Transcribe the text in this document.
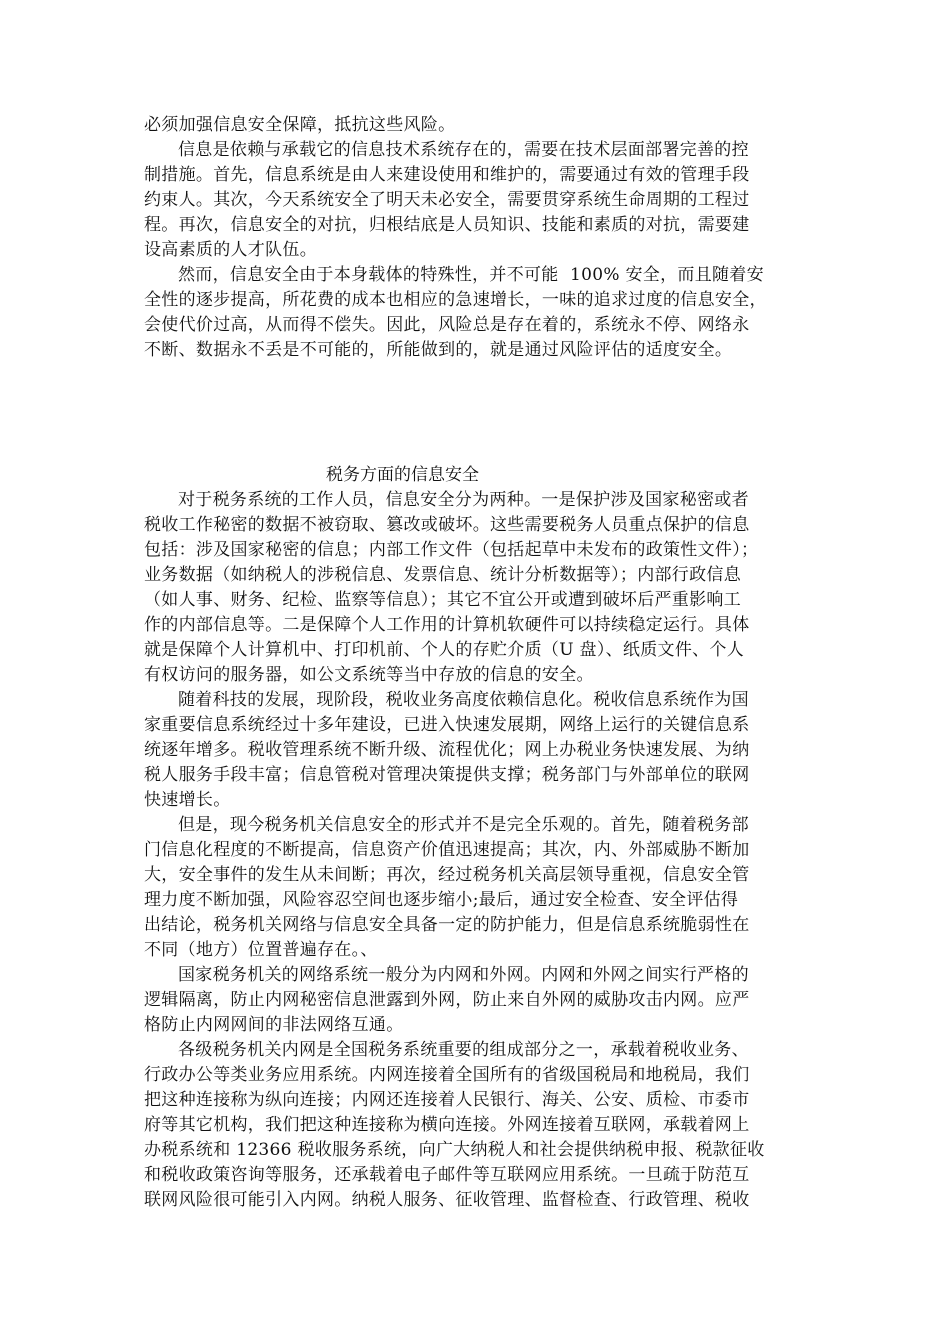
必须加强信息安全保障，抵抗这些风险。
信息是依赖与承载它的信息技术系统存在的，需要在技术层面部署完善的控
制措施。首先，信息系统是由人来建设使用和维护的，需要通过有效的管理手段
约束人。其次，今天系统安全了明天未必安全，需要贯穿系统生命周期的工程过
程。再次，信息安全的对抗，归根结底是人员知识、技能和素质的对抗，需要建
设高素质的人才队伍。
然而，信息安全由于本身载体的特殊性，并不可能  100% 安全，而且随着安
全性的逐步提高，所花费的成本也相应的急速增长，一味的追求过度的信息安全，
会使代价过高，从而得不偿失。因此，风险总是存在着的，系统永不停、网络永
不断、数据永不丢是不可能的，所能做到的，就是通过风险评估的适度安全。
税务方面的信息安全
对于税务系统的工作人员，信息安全分为两种。一是保护涉及国家秘密或者
税收工作秘密的数据不被窃取、篡改或破坏。这些需要税务人员重点保护的信息
包括：涉及国家秘密的信息；内部工作文件（包括起草中未发布的政策性文件）；
业务数据（如纳税人的涉税信息、发票信息、统计分析数据等）；内部行政信息
（如人事、财务、纪检、监察等信息）；其它不宜公开或遭到破坏后严重影响工
作的内部信息等。二是保障个人工作用的计算机软硬件可以持续稳定运行。具体
就是保障个人计算机中、打印机前、个人的存贮介质（U 盘）、纸质文件、个人
有权访问的服务器，如公文系统等当中存放的信息的安全。
随着科技的发展，现阶段，税收业务高度依赖信息化。税收信息系统作为国
家重要信息系统经过十多年建设，已进入快速发展期，网络上运行的关键信息系
统逐年增多。税收管理系统不断升级、流程优化；网上办税业务快速发展、为纳
税人服务手段丰富；信息管税对管理决策提供支撑；税务部门与外部单位的联网
快速增长。
但是，现今税务机关信息安全的形式并不是完全乐观的。首先，随着税务部
门信息化程度的不断提高，信息资产价值迅速提高；其次，内、外部威胁不断加
大，安全事件的发生从未间断；再次，经过税务机关高层领导重视，信息安全管
理力度不断加强，风险容忍空间也逐步缩小;最后，通过安全检查、安全评估得
出结论，税务机关网络与信息安全具备一定的防护能力，但是信息系统脆弱性在
不同（地方）位置普遍存在。、
国家税务机关的网络系统一般分为内网和外网。内网和外网之间实行严格的
逻辑隔离，防止内网秘密信息泄露到外网，防止来自外网的威胁攻击内网。应严
格防止内网网间的非法网络互通。
各级税务机关内网是全国税务系统重要的组成部分之一，承载着税收业务、
行政办公等类业务应用系统。内网连接着全国所有的省级国税局和地税局，我们
把这种连接称为纵向连接；内网还连接着人民银行、海关、公安、质检、市委市
府等其它机构，我们把这种连接称为横向连接。外网连接着互联网，承载着网上
办税系统和 12366 税收服务系统，向广大纳税人和社会提供纳税申报、税款征收
和税收政策咨询等服务，还承载着电子邮件等互联网应用系统。一旦疏于防范互
联网风险很可能引入内网。纳税人服务、征收管理、监督检查、行政管理、税收
